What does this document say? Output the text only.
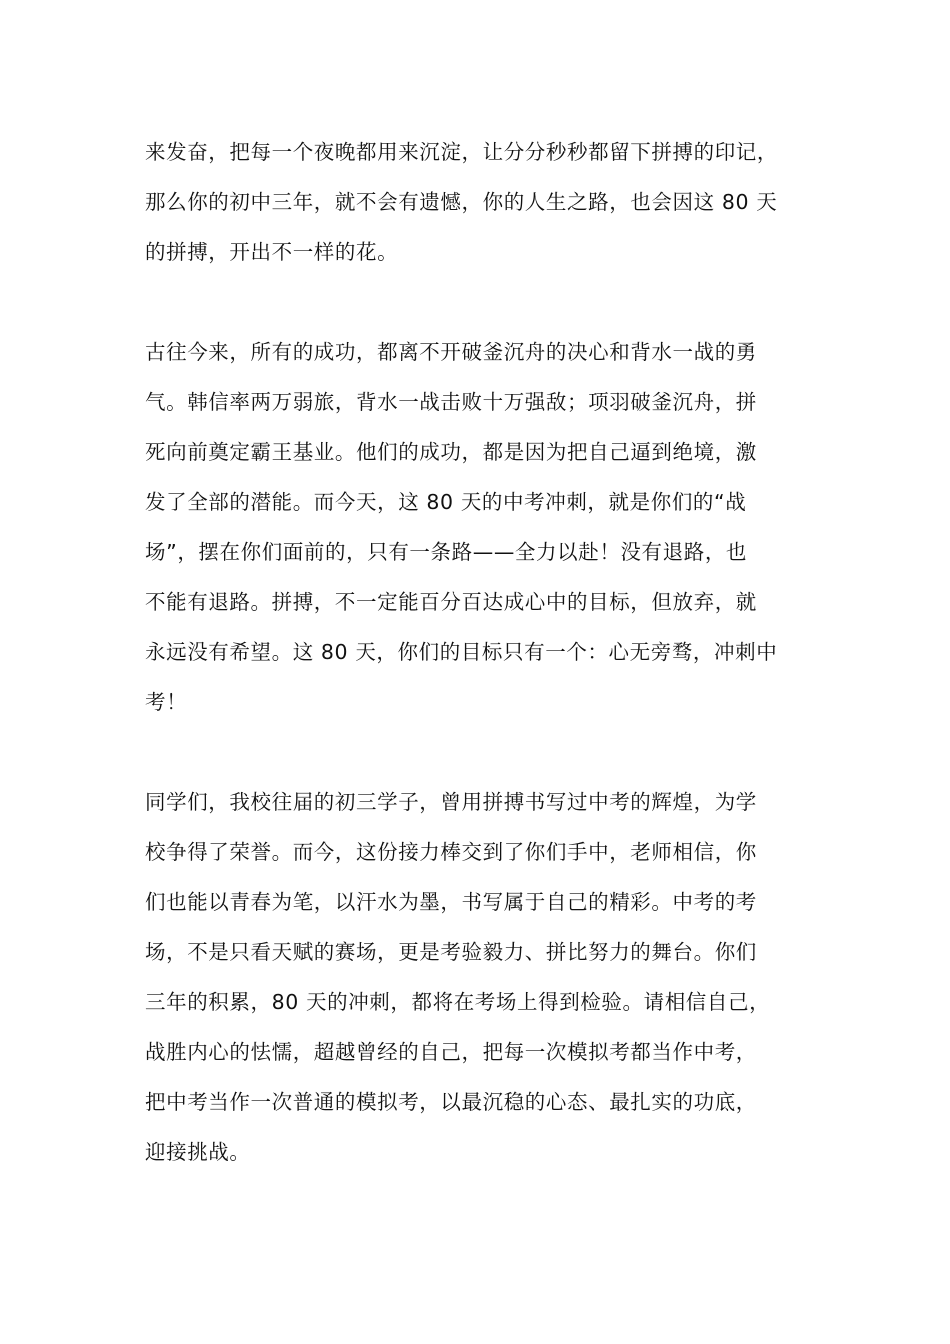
来发奋，把每一个夜晚都用来沉淀，让分分秒秒都留下拼搏的印记，
那么你的初中三年，就不会有遗憾，你的人生之路，也会因这 80 天
的拼搏，开出不一样的花。
古往今来，所有的成功，都离不开破釜沉舟的决心和背水一战的勇
气。韩信率两万弱旅，背水一战击败十万强敌；项羽破釜沉舟，拼
死向前奠定霸王基业。他们的成功，都是因为把自己逼到绝境，激
发了全部的潜能。而今天，这 80 天的中考冲刺，就是你们的“战
场”，摆在你们面前的，只有一条路——全力以赴！没有退路，也
不能有退路。拼搏，不一定能百分百达成心中的目标，但放弃，就
永远没有希望。这 80 天，你们的目标只有一个：心无旁骛，冲刺中
考！
同学们，我校往届的初三学子，曾用拼搏书写过中考的辉煌，为学
校争得了荣誉。而今，这份接力棒交到了你们手中，老师相信，你
们也能以青春为笔，以汗水为墨，书写属于自己的精彩。中考的考
场，不是只看天赋的赛场，更是考验毅力、拼比努力的舞台。你们
三年的积累，80 天的冲刺，都将在考场上得到检验。请相信自己，
战胜内心的怯懦，超越曾经的自己，把每一次模拟考都当作中考，
把中考当作一次普通的模拟考，以最沉稳的心态、最扎实的功底，
迎接挑战。
